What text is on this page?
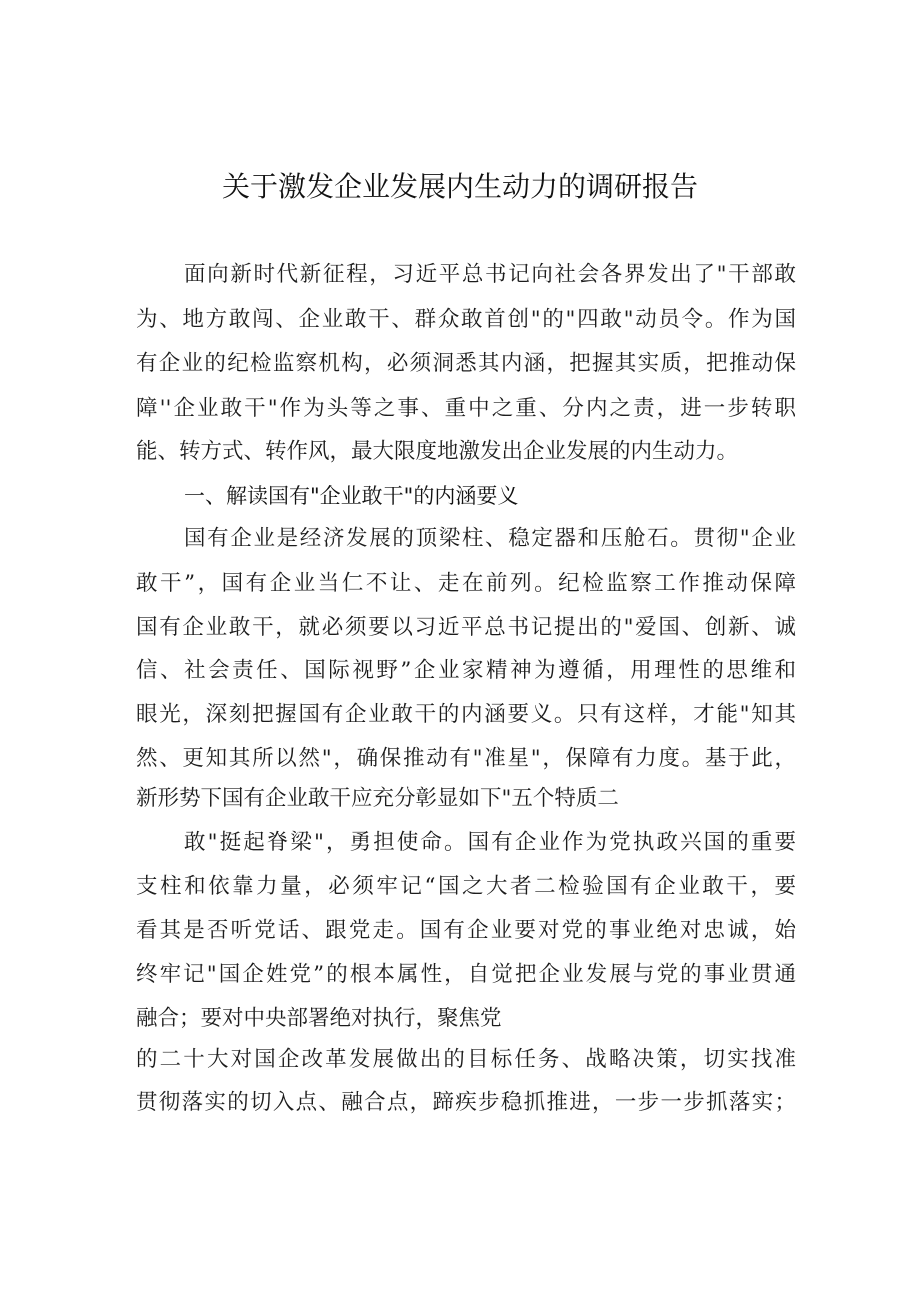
关于激发企业发展内生动力的调研报告
面向新时代新征程，习近平总书记向社会各界发出了"干部敢
为、地方敢闯、企业敢干、群众敢首创"的"四敢"动员令。作为国
有企业的纪检监察机构，必须洞悉其内涵，把握其实质，把推动保
障''企业敢干"作为头等之事、重中之重、分内之责，进一步转职
能、转方式、转作风，最大限度地激发出企业发展的内生动力。
一、解读国有"企业敢干"的内涵要义
国有企业是经济发展的顶梁柱、稳定器和压舱石。贯彻"企业
敢干”，国有企业当仁不让、走在前列。纪检监察工作推动保障
国有企业敢干，就必须要以习近平总书记提出的"爱国、创新、诚
信、社会责任、国际视野”企业家精神为遵循，用理性的思维和
眼光，深刻把握国有企业敢干的内涵要义。只有这样，才能"知其
然、更知其所以然"，确保推动有"准星"，保障有力度。基于此，
新形势下国有企业敢干应充分彰显如下"五个特质二
敢"挺起脊梁"，勇担使命。国有企业作为党执政兴国的重要
支柱和依靠力量，必须牢记“国之大者二检验国有企业敢干，要
看其是否听党话、跟党走。国有企业要对党的事业绝对忠诚，始
终牢记"国企姓党”的根本属性，自觉把企业发展与党的事业贯通
融合；要对中央部署绝对执行，聚焦党
的二十大对国企改革发展做出的目标任务、战略决策，切实找准
贯彻落实的切入点、融合点，蹄疾步稳抓推进，一步一步抓落实；
